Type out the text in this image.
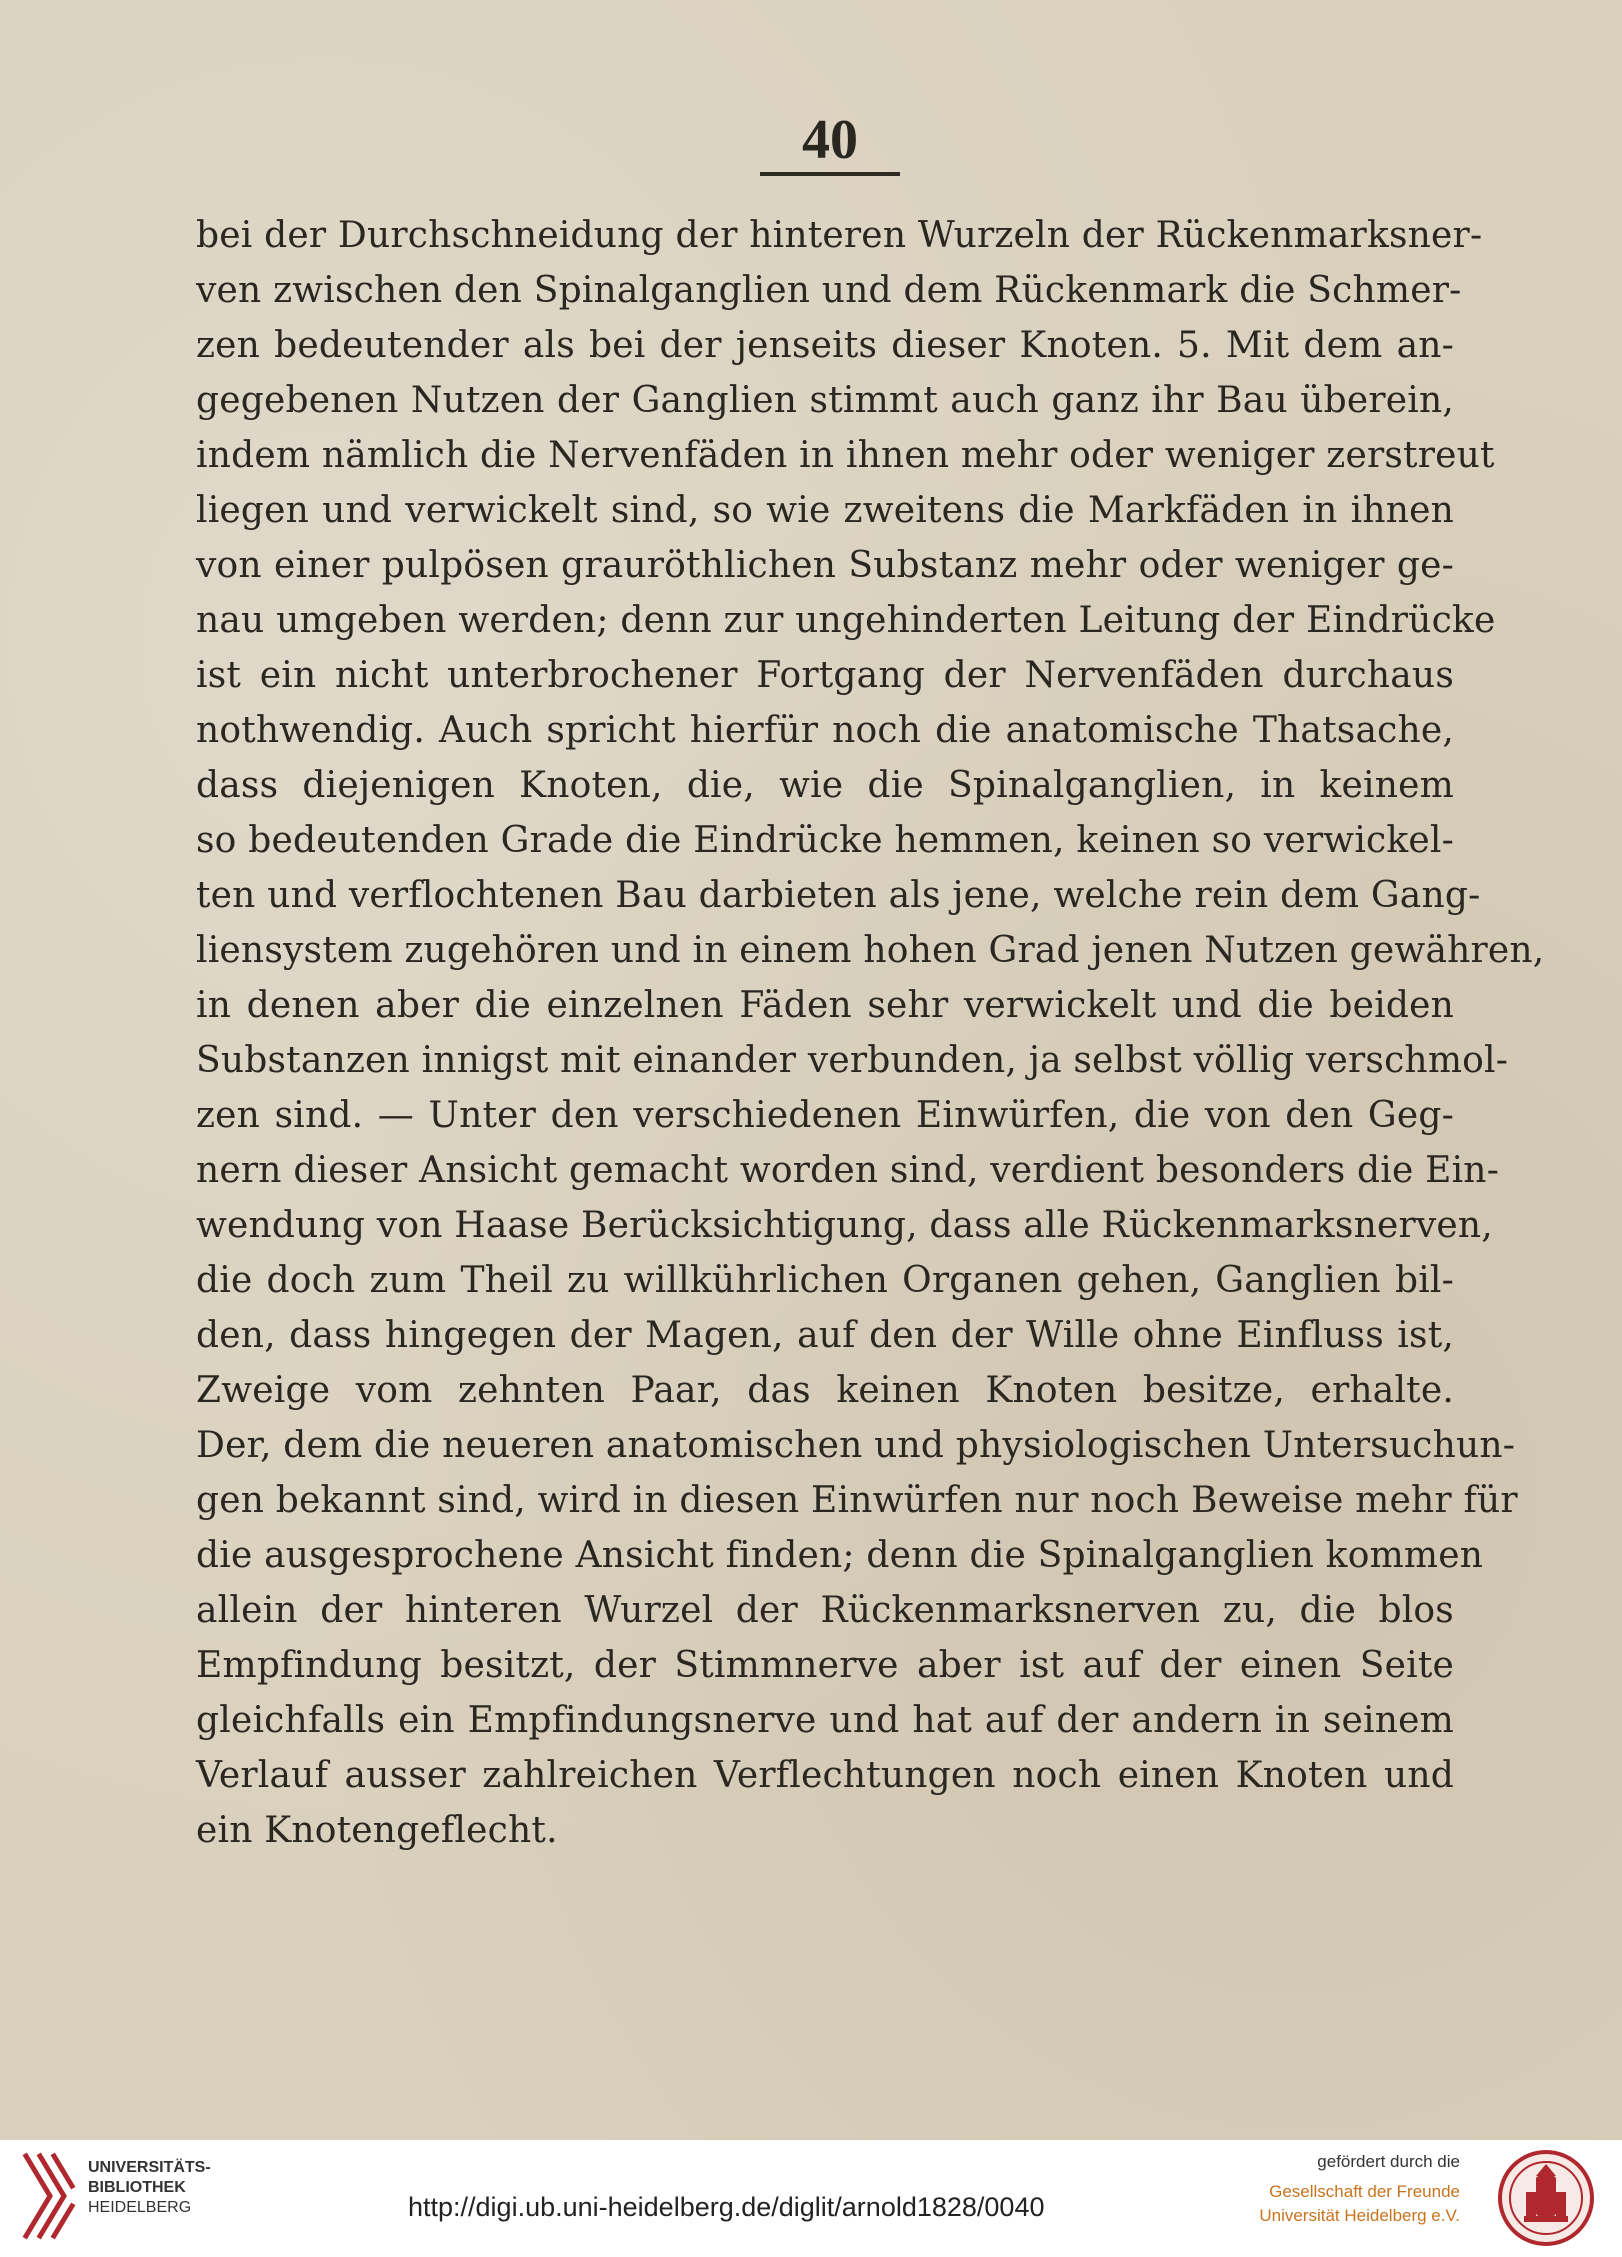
40
bei der Durchschneidung der hinteren Wurzeln der Rückenmarksner-
ven zwischen den Spinalganglien und dem Rückenmark die Schmer-
zen bedeutender als bei der jenseits dieser Knoten. 5. Mit dem an-
gegebenen Nutzen der Ganglien stimmt auch ganz ihr Bau überein,
indem nämlich die Nervenfäden in ihnen mehr oder weniger zerstreut
liegen und verwickelt sind, so wie zweitens die Markfäden in ihnen
von einer pulpösen grauröthlichen Substanz mehr oder weniger ge-
nau umgeben werden; denn zur ungehinderten Leitung der Eindrücke
ist ein nicht unterbrochener Fortgang der Nervenfäden durchaus
nothwendig. Auch spricht hierfür noch die anatomische Thatsache,
dass diejenigen Knoten, die, wie die Spinalganglien, in keinem
so bedeutenden Grade die Eindrücke hemmen, keinen so verwickel-
ten und verflochtenen Bau darbieten als jene, welche rein dem Gang-
liensystem zugehören und in einem hohen Grad jenen Nutzen gewähren,
in denen aber die einzelnen Fäden sehr verwickelt und die beiden
Substanzen innigst mit einander verbunden, ja selbst völlig verschmol-
zen sind. — Unter den verschiedenen Einwürfen, die von den Geg-
nern dieser Ansicht gemacht worden sind, verdient besonders die Ein-
wendung von Haase Berücksichtigung, dass alle Rückenmarksnerven,
die doch zum Theil zu willkührlichen Organen gehen, Ganglien bil-
den, dass hingegen der Magen, auf den der Wille ohne Einfluss ist,
Zweige vom zehnten Paar, das keinen Knoten besitze, erhalte.
Der, dem die neueren anatomischen und physiologischen Untersuchun-
gen bekannt sind, wird in diesen Einwürfen nur noch Beweise mehr für
die ausgesprochene Ansicht finden; denn die Spinalganglien kommen
allein der hinteren Wurzel der Rückenmarksnerven zu, die blos
Empfindung besitzt, der Stimmnerve aber ist auf der einen Seite
gleichfalls ein Empfindungsnerve und hat auf der andern in seinem
Verlauf ausser zahlreichen Verflechtungen noch einen Knoten und
ein Knotengeflecht.
UNIVERSITÄTS-
BIBLIOTHEK
HEIDELBERG	http://digi.ub.uni-heidelberg.de/diglit/arnold1828/0040
gefördert durch die
Gesellschaft der Freunde
Universität Heidelberg e.V.
